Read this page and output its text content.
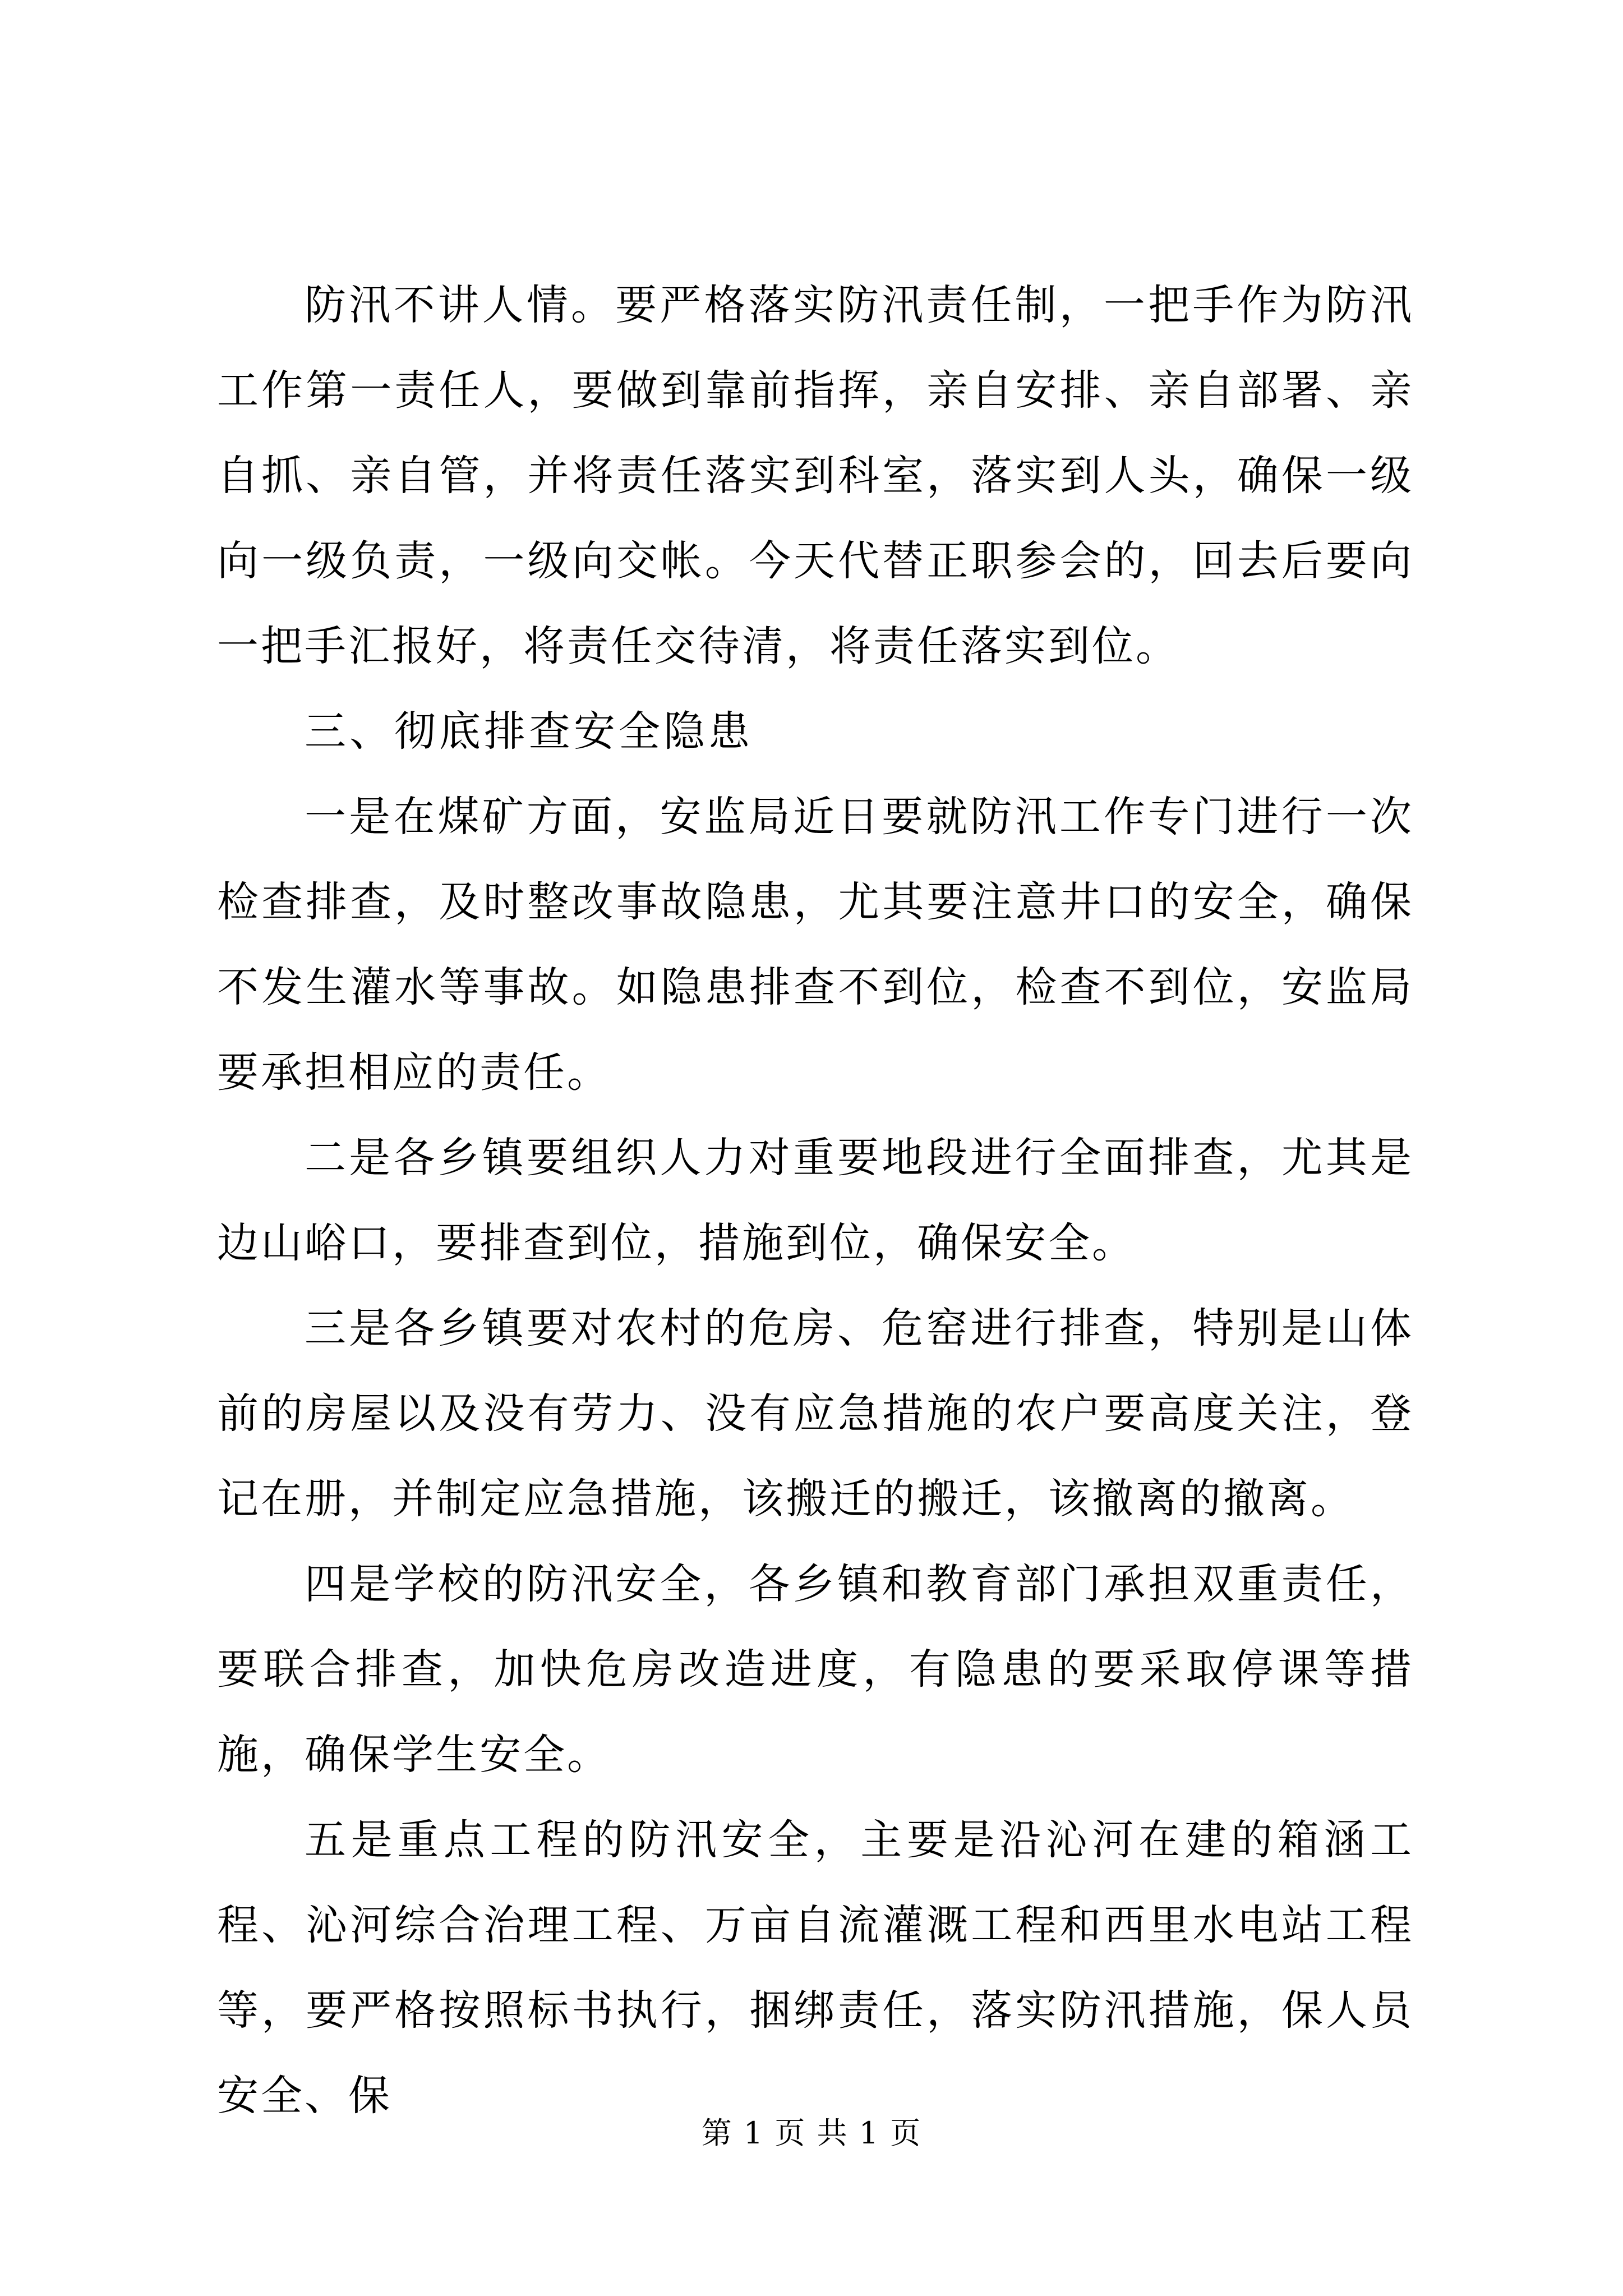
防汛不讲人情。要严格落实防汛责任制，一把手作为防汛工作第一责任人，要做到靠前指挥，亲自安排、亲自部署、亲自抓、亲自管，并将责任落实到科室，落实到人头，确保一级向一级负责，一级向交帐。今天代替正职参会的，回去后要向一把手汇报好，将责任交待清，将责任落实到位。

三、彻底排查安全隐患

一是在煤矿方面，安监局近日要就防汛工作专门进行一次检查排查，及时整改事故隐患，尤其要注意井口的安全，确保不发生灌水等事故。如隐患排查不到位，检查不到位，安监局要承担相应的责任。

二是各乡镇要组织人力对重要地段进行全面排查，尤其是边山峪口，要排查到位，措施到位，确保安全。

三是各乡镇要对农村的危房、危窑进行排查，特别是山体前的房屋以及没有劳力、没有应急措施的农户要高度关注，登记在册，并制定应急措施，该搬迁的搬迁，该撤离的撤离。

四是学校的防汛安全，各乡镇和教育部门承担双重责任，要联合排查，加快危房改造进度，有隐患的要采取停课等措施，确保学生安全。

五是重点工程的防汛安全，主要是沿沁河在建的箱涵工程、沁河综合治理工程、万亩自流灌溉工程和西里水电站工程等，要严格按照标书执行，捆绑责任，落实防汛措施，保人员安全、保

第 1 页 共 1 页
